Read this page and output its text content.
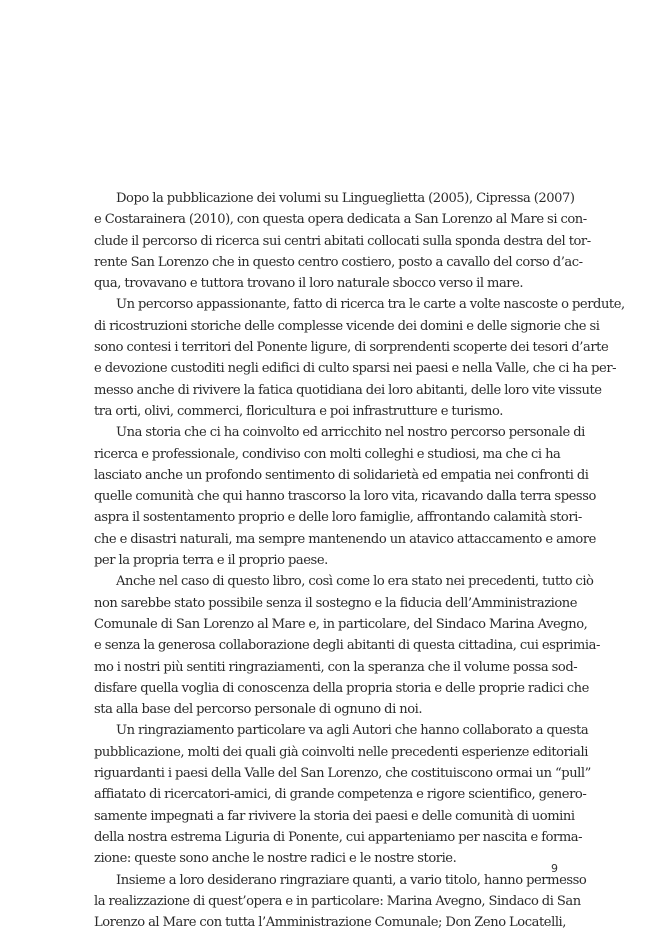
Dopo la pubblicazione dei volumi su Lingueglietta (2005), Cipressa (2007)
e Costarainera (2010), con questa opera dedicata a San Lorenzo al Mare si con-
clude il percorso di ricerca sui centri abitati collocati sulla sponda destra del tor-
rente San Lorenzo che in questo centro costiero, posto a cavallo del corso d’ac-
qua, trovavano e tuttora trovano il loro naturale sbocco verso il mare.
Un percorso appassionante, fatto di ricerca tra le carte a volte nascoste o perdute,
di ricostruzioni storiche delle complesse vicende dei domini e delle signorie che si
sono contesi i territori del Ponente ligure, di sorprendenti scoperte dei tesori d’arte
e devozione custoditi negli edifici di culto sparsi nei paesi e nella Valle, che ci ha per-
messo anche di rivivere la fatica quotidiana dei loro abitanti, delle loro vite vissute
tra orti, olivi, commerci, floricultura e poi infrastrutture e turismo.
Una storia che ci ha coinvolto ed arricchito nel nostro percorso personale di
ricerca e professionale, condiviso con molti colleghi e studiosi, ma che ci ha
lasciato anche un profondo sentimento di solidarietà ed empatia nei confronti di
quelle comunità che qui hanno trascorso la loro vita, ricavando dalla terra spesso
aspra il sostentamento proprio e delle loro famiglie, affrontando calamità stori-
che e disastri naturali, ma sempre mantenendo un atavico attaccamento e amore
per la propria terra e il proprio paese.
Anche nel caso di questo libro, così come lo era stato nei precedenti, tutto ciò
non sarebbe stato possibile senza il sostegno e la fiducia dell’Amministrazione
Comunale di San Lorenzo al Mare e, in particolare, del Sindaco Marina Avegno,
e senza la generosa collaborazione degli abitanti di questa cittadina, cui esprimia-
mo i nostri più sentiti ringraziamenti, con la speranza che il volume possa sod-
disfare quella voglia di conoscenza della propria storia e delle proprie radici che
sta alla base del percorso personale di ognuno di noi.
Un ringraziamento particolare va agli Autori che hanno collaborato a questa
pubblicazione, molti dei quali già coinvolti nelle precedenti esperienze editoriali
riguardanti i paesi della Valle del San Lorenzo, che costituiscono ormai un “pull”
affiatato di ricercatori-amici, di grande competenza e rigore scientifico, genero-
samente impegnati a far rivivere la storia dei paesi e delle comunità di uomini
della nostra estrema Liguria di Ponente, cui apparteniamo per nascita e forma-
zione: queste sono anche le nostre radici e le nostre storie.
Insieme a loro desiderano ringraziare quanti, a vario titolo, hanno permesso
la realizzazione di quest’opera e in particolare: Marina Avegno, Sindaco di San
Lorenzo al Mare con tutta l’Amministrazione Comunale; Don Zeno Locatelli,
9
